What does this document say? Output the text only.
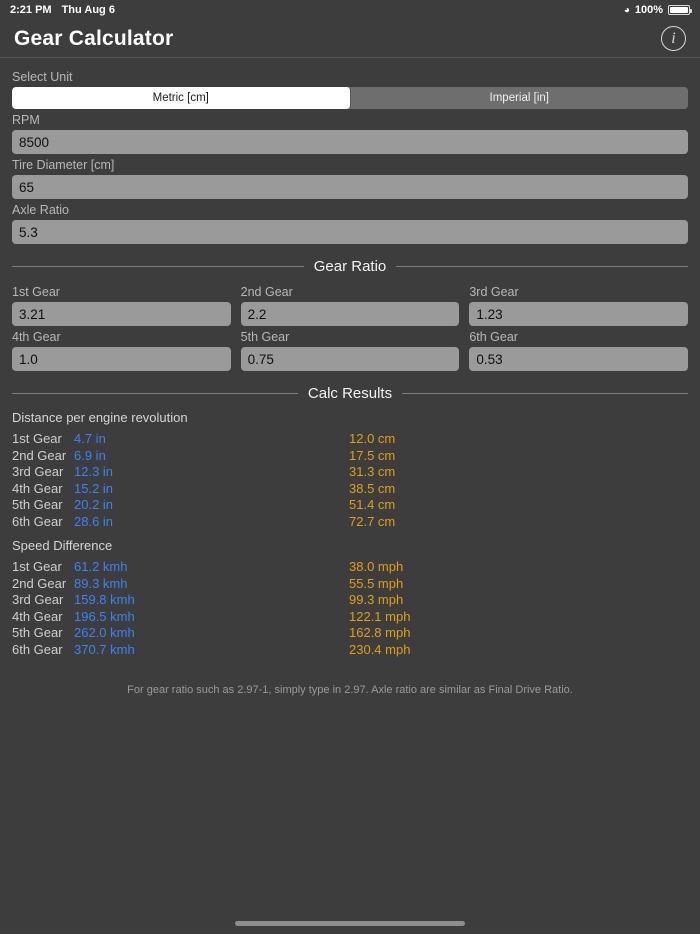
2:21 PM Thu Aug 6	◕ 100%
Gear Calculator	i
Select Unit
Metric [cm]	Imperial [in]
RPM
8500
Tire Diameter [cm]
65
Axle Ratio
5.3
Gear Ratio
1st Gear
3.21	2nd Gear
2.2	3rd Gear
1.23
4th Gear
1.0	5th Gear
0.75	6th Gear
0.53
Calc Results
Distance per engine revolution
1st Gear 4.7 in	12.0 cm
2nd Gear 6.9 in	17.5 cm
3rd Gear 12.3 in	31.3 cm
4th Gear 15.2 in	38.5 cm
5th Gear 20.2 in	51.4 cm
6th Gear 28.6 in	72.7 cm
Speed Difference
1st Gear 61.2 kmh	38.0 mph
2nd Gear 89.3 kmh	55.5 mph
3rd Gear 159.8 kmh	99.3 mph
4th Gear 196.5 kmh	122.1 mph
5th Gear 262.0 kmh	162.8 mph
6th Gear 370.7 kmh	230.4 mph
For gear ratio such as 2.97-1, simply type in 2.97. Axle ratio are similar as Final Drive Ratio.
